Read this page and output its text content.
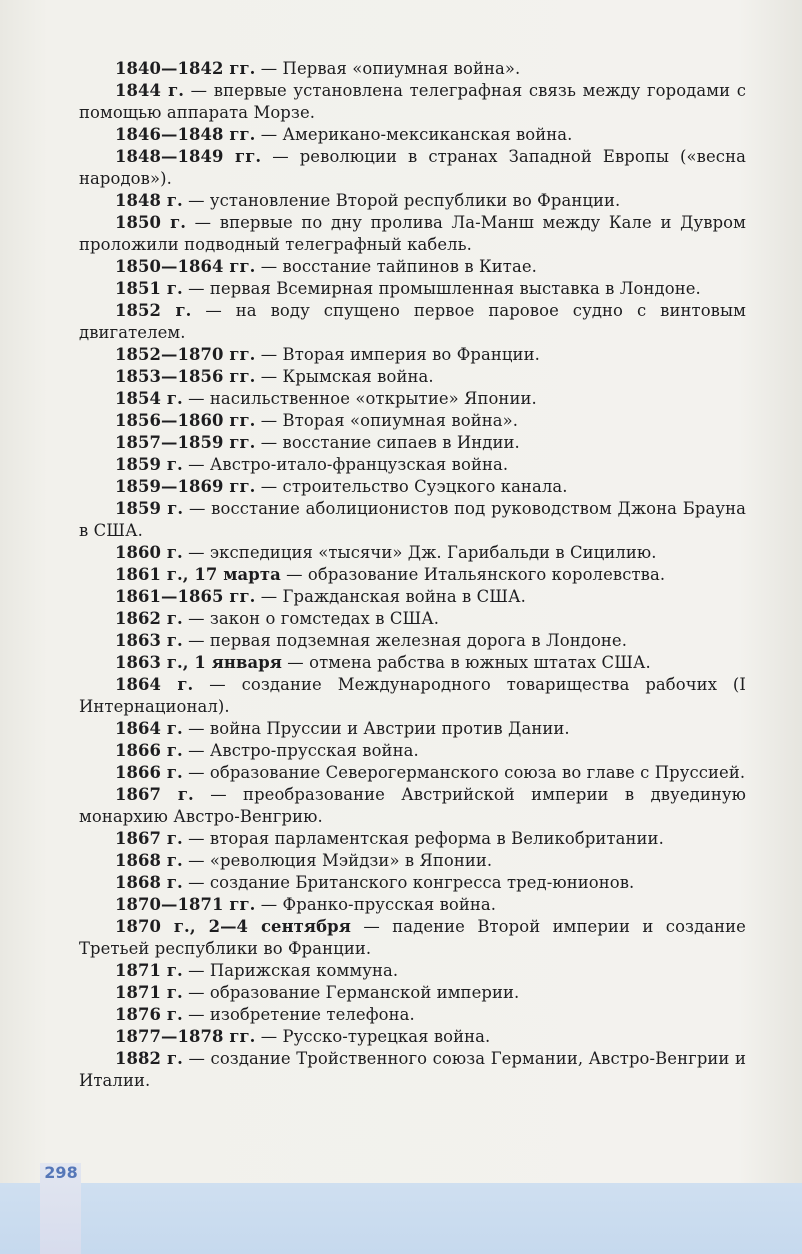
1840—1842 гг. — Первая «опиумная война».

1844 г. — впервые установлена телеграфная связь между городами с помощью аппарата Морзе.

1846—1848 гг. — Американо-мексиканская война.

1848—1849 гг. — революции в странах Западной Европы («весна народов»).

1848 г. — установление Второй республики во Франции.

1850 г. — впервые по дну пролива Ла-Манш между Кале и Дувром проложили подводный телеграфный кабель.

1850—1864 гг. — восстание тайпинов в Китае.

1851 г. — первая Всемирная промышленная выставка в Лондоне.

1852 г. — на воду спущено первое паровое судно с винтовым двигателем.

1852—1870 гг. — Вторая империя во Франции.

1853—1856 гг. — Крымская война.

1854 г. — насильственное «открытие» Японии.

1856—1860 гг. — Вторая «опиумная война».

1857—1859 гг. — восстание сипаев в Индии.

1859 г. — Австро-итало-французская война.

1859—1869 гг. — строительство Суэцкого канала.

1859 г. — восстание аболиционистов под руководством Джона Брауна в США.

1860 г. — экспедиция «тысячи» Дж. Гарибальди в Сицилию.

1861 г., 17 марта — образование Итальянского королевства.

1861—1865 гг. — Гражданская война в США.

1862 г. — закон о гомстедах в США.

1863 г. — первая подземная железная дорога в Лондоне.

1863 г., 1 января — отмена рабства в южных штатах США.

1864 г. — создание Международного товарищества рабочих (I Интернационал).

1864 г. — война Пруссии и Австрии против Дании.

1866 г. — Австро-прусская война.

1866 г. — образование Северогерманского союза во главе с Пруссией.

1867 г. — преобразование Австрийской империи в двуединую монархию Австро-Венгрию.

1867 г. — вторая парламентская реформа в Великобритании.

1868 г. — «революция Мэйдзи» в Японии.

1868 г. — создание Британского конгресса тред-юнионов.

1870—1871 гг. — Франко-прусская война.

1870 г., 2—4 сентября — падение Второй империи и создание Третьей республики во Франции.

1871 г. — Парижская коммуна.

1871 г. — образование Германской империи.

1876 г. — изобретение телефона.

1877—1878 гг. — Русско-турецкая война.

1882 г. — создание Тройственного союза Германии, Австро-Венгрии и Италии.

298
